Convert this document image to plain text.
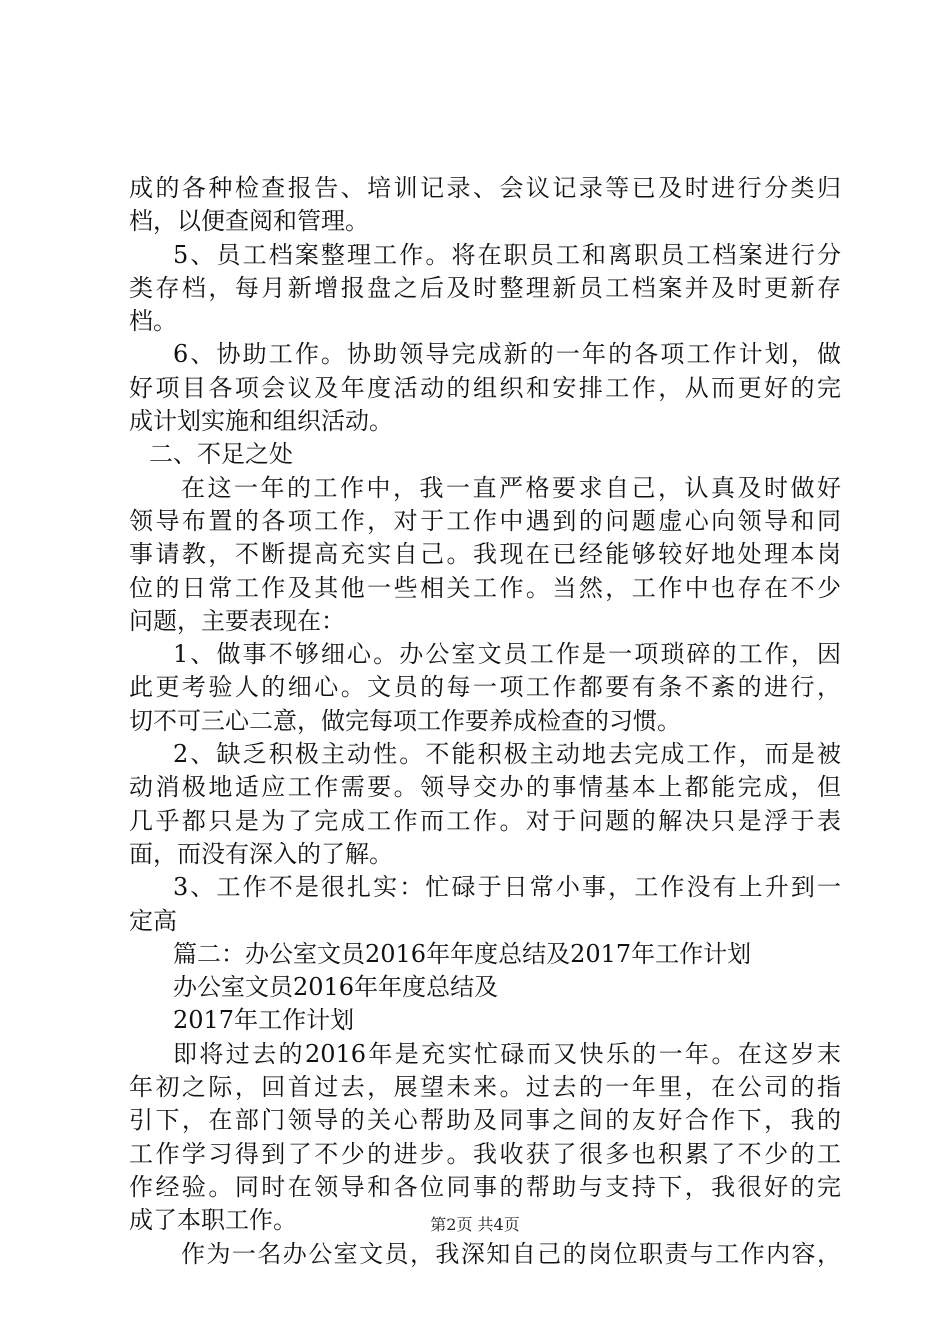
成的各种检查报告、培训记录、会议记录等已及时进行分类归
档，以便查阅和管理。
5、员工档案整理工作。将在职员工和离职员工档案进行分
类存档，每月新增报盘之后及时整理新员工档案并及时更新存
档。
6、协助工作。协助领导完成新的一年的各项工作计划，做
好项目各项会议及年度活动的组织和安排工作，从而更好的完
成计划实施和组织活动。
二、不足之处
在这一年的工作中，我一直严格要求自己，认真及时做好
领导布置的各项工作，对于工作中遇到的问题虚心向领导和同
事请教，不断提高充实自己。我现在已经能够较好地处理本岗
位的日常工作及其他一些相关工作。当然，工作中也存在不少
问题，主要表现在：
1、做事不够细心。办公室文员工作是一项琐碎的工作，因
此更考验人的细心。文员的每一项工作都要有条不紊的进行，
切不可三心二意，做完每项工作要养成检查的习惯。
2、缺乏积极主动性。不能积极主动地去完成工作，而是被
动消极地适应工作需要。领导交办的事情基本上都能完成，但
几乎都只是为了完成工作而工作。对于问题的解决只是浮于表
面，而没有深入的了解。
3、工作不是很扎实：忙碌于日常小事，工作没有上升到一
定高
篇二：办公室文员2016年年度总结及2017年工作计划
办公室文员2016年年度总结及
2017年工作计划
即将过去的2016年是充实忙碌而又快乐的一年。在这岁末
年初之际，回首过去，展望未来。过去的一年里，在公司的指
引下，在部门领导的关心帮助及同事之间的友好合作下，我的
工作学习得到了不少的进步。我收获了很多也积累了不少的工
作经验。同时在领导和各位同事的帮助与支持下，我很好的完
成了本职工作。
作为一名办公室文员，我深知自己的岗位职责与工作内容，
第2页 共4页
